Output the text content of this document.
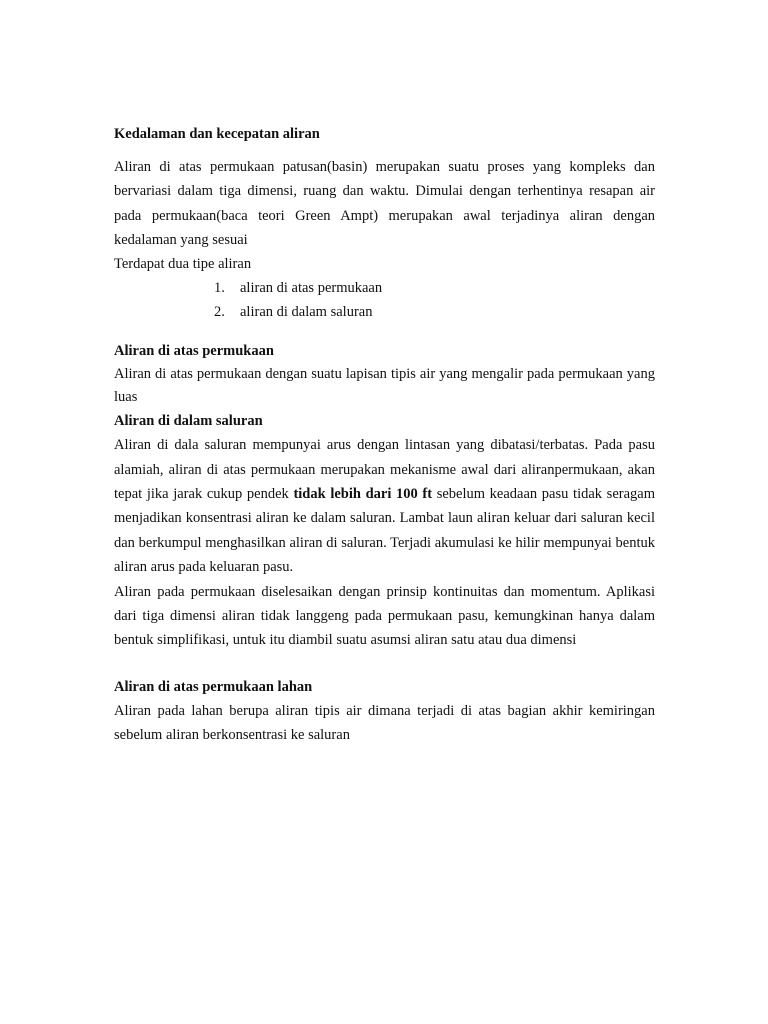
Kedalaman dan kecepatan aliran

Aliran di atas permukaan patusan(basin) merupakan suatu proses yang kompleks dan bervariasi dalam tiga dimensi, ruang dan waktu. Dimulai dengan terhentinya resapan air pada permukaan(baca teori Green Ampt) merupakan awal terjadinya aliran dengan kedalaman yang sesuai

Terdapat dua tipe aliran

1. aliran di atas permukaan
2. aliran di dalam saluran

Aliran di atas permukaan

Aliran di atas permukaan dengan suatu lapisan tipis air yang mengalir pada permukaan yang luas

Aliran di dalam saluran

Aliran di dala saluran mempunyai arus dengan lintasan yang dibatasi/terbatas. Pada pasu alamiah, aliran di atas permukaan merupakan mekanisme awal dari aliranpermukaan, akan tepat jika jarak cukup pendek tidak lebih dari 100 ft sebelum keadaan pasu tidak seragam menjadikan konsentrasi aliran ke dalam saluran. Lambat laun aliran keluar dari saluran kecil dan berkumpul menghasilkan aliran di saluran. Terjadi akumulasi ke hilir mempunyai bentuk aliran arus pada keluaran pasu.

Aliran pada permukaan diselesaikan dengan prinsip kontinuitas dan momentum. Aplikasi dari tiga dimensi aliran tidak langgeng pada permukaan pasu, kemungkinan hanya dalam bentuk simplifikasi, untuk itu diambil suatu asumsi aliran satu atau dua dimensi

Aliran di atas permukaan lahan

Aliran pada lahan berupa aliran tipis air dimana terjadi di atas bagian akhir kemiringan sebelum aliran berkonsentrasi ke saluran
